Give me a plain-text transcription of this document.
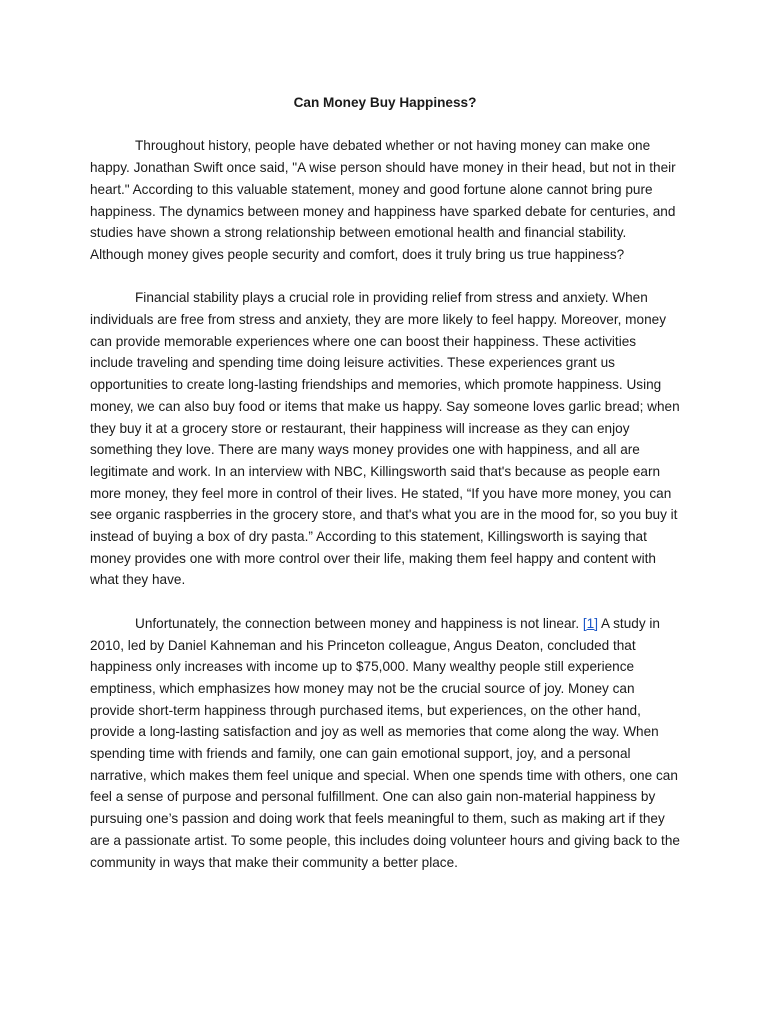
Can Money Buy Happiness?

Throughout history, people have debated whether or not having money can make one happy. Jonathan Swift once said, "A wise person should have money in their head, but not in their heart." According to this valuable statement, money and good fortune alone cannot bring pure happiness. The dynamics between money and happiness have sparked debate for centuries, and studies have shown a strong relationship between emotional health and financial stability. Although money gives people security and comfort, does it truly bring us true happiness?

Financial stability plays a crucial role in providing relief from stress and anxiety. When individuals are free from stress and anxiety, they are more likely to feel happy. Moreover, money can provide memorable experiences where one can boost their happiness. These activities include traveling and spending time doing leisure activities. These experiences grant us opportunities to create long-lasting friendships and memories, which promote happiness. Using money, we can also buy food or items that make us happy. Say someone loves garlic bread; when they buy it at a grocery store or restaurant, their happiness will increase as they can enjoy something they love. There are many ways money provides one with happiness, and all are legitimate and work. In an interview with NBC, Killingsworth said that's because as people earn more money, they feel more in control of their lives. He stated, “If you have more money, you can see organic raspberries in the grocery store, and that's what you are in the mood for, so you buy it instead of buying a box of dry pasta.” According to this statement, Killingsworth is saying that money provides one with more control over their life, making them feel happy and content with what they have.

Unfortunately, the connection between money and happiness is not linear. [1] A study in 2010, led by Daniel Kahneman and his Princeton colleague, Angus Deaton, concluded that happiness only increases with income up to $75,000. Many wealthy people still experience emptiness, which emphasizes how money may not be the crucial source of joy. Money can provide short-term happiness through purchased items, but experiences, on the other hand, provide a long-lasting satisfaction and joy as well as memories that come along the way. When spending time with friends and family, one can gain emotional support, joy, and a personal narrative, which makes them feel unique and special. When one spends time with others, one can feel a sense of purpose and personal fulfillment. One can also gain non-material happiness by pursuing one’s passion and doing work that feels meaningful to them, such as making art if they are a passionate artist. To some people, this includes doing volunteer hours and giving back to the community in ways that make their community a better place.
